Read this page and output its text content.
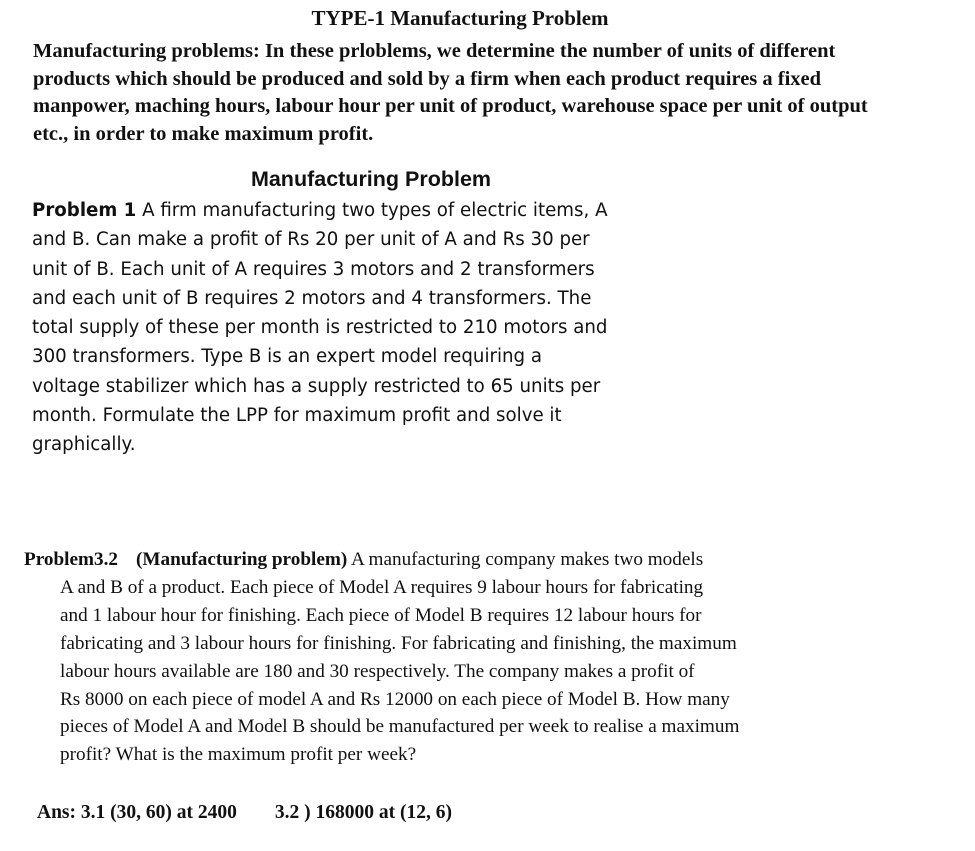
TYPE-1 Manufacturing Problem

Manufacturing problems: In these prloblems, we determine the number of units of different
products which should be produced and sold by a firm when each product requires a fixed
manpower, maching hours, labour hour per unit of product, warehouse space per unit of output
etc., in order to make maximum profit.

Manufacturing Problem

Problem 1 A firm manufacturing two types of electric items, A
and B. Can make a profit of Rs 20 per unit of A and Rs 30 per
unit of B. Each unit of A requires 3 motors and 2 transformers
and each unit of B requires 2 motors and 4 transformers. The
total supply of these per month is restricted to 210 motors and
300 transformers. Type B is an expert model requiring a
voltage stabilizer which has a supply restricted to 65 units per
month. Formulate the LPP for maximum profit and solve it
graphically.

Problem3.2 (Manufacturing problem) A manufacturing company makes two models
A and B of a product. Each piece of Model A requires 9 labour hours for fabricating
and 1 labour hour for finishing. Each piece of Model B requires 12 labour hours for
fabricating and 3 labour hours for finishing. For fabricating and finishing, the maximum
labour hours available are 180 and 30 respectively. The company makes a profit of
Rs 8000 on each piece of model A and Rs 12000 on each piece of Model B. How many
pieces of Model A and Model B should be manufactured per week to realise a maximum
profit? What is the maximum profit per week?

Ans: 3.1 (30, 60) at 2400 3.2 ) 168000 at (12, 6)
